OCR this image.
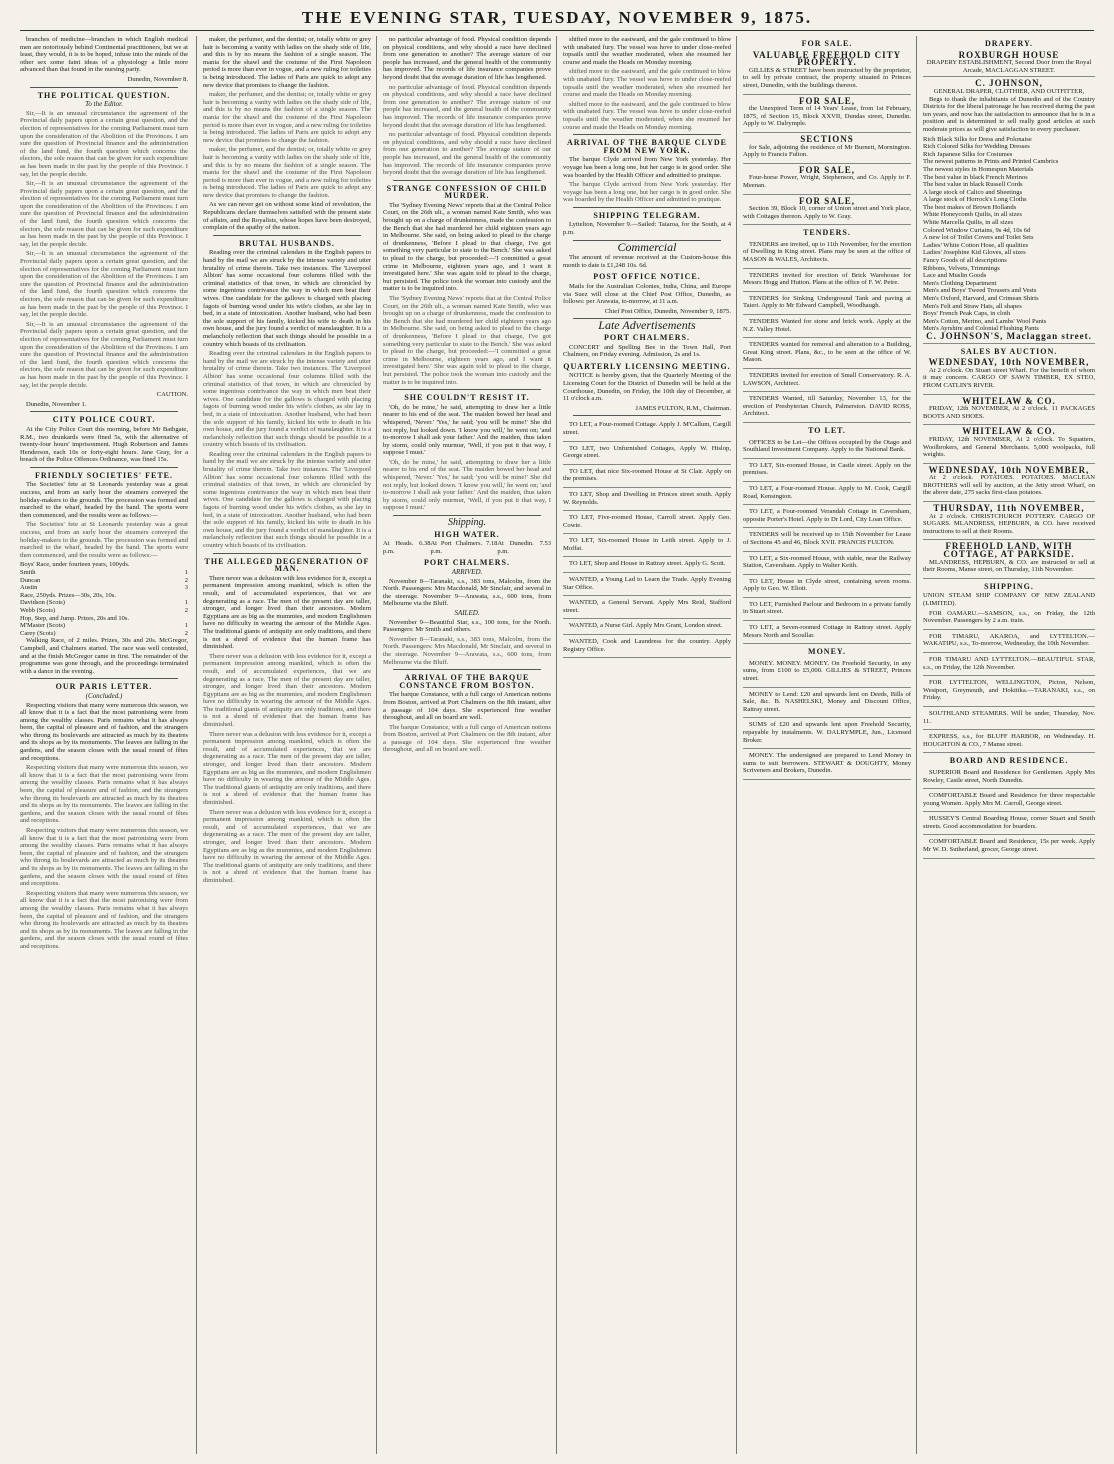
THE EVENING STAR, TUESDAY, NOVEMBER 9, 1875.

branches of medicine—branches in which English medical men are notoriously behind Continental practitioners, but we at least, they would, it is to be hoped, infuse into the minds of the other sex some faint ideas of a physiology a little more advanced than that found in the nursing party.

Dunedin, November 8.

THE POLITICAL QUESTION.
To the Editor.

Sir,—It is an unusual circumstance the agreement of the Provincial daily papers upon a certain great question, and the election of representatives for the coming Parliament must turn upon the consideration of the Abolition of the Provinces. I am sure the question of Provincial finance and the administration of the land fund, the fourth question which concerns the electors, the sole reason that can be given for such expenditure as has been made in the past by the people of this Province. I say, let the people decide.

Sir,—It is an unusual circumstance the agreement of the Provincial daily papers upon a certain great question, and the election of representatives for the coming Parliament must turn upon the consideration of the Abolition of the Provinces. I am sure the question of Provincial finance and the administration of the land fund, the fourth question which concerns the electors, the sole reason that can be given for such expenditure as has been made in the past by the people of this Province. I say, let the people decide.

Sir,—It is an unusual circumstance the agreement of the Provincial daily papers upon a certain great question, and the election of representatives for the coming Parliament must turn upon the consideration of the Abolition of the Provinces. I am sure the question of Provincial finance and the administration of the land fund, the fourth question which concerns the electors, the sole reason that can be given for such expenditure as has been made in the past by the people of this Province. I say, let the people decide.

Sir,—It is an unusual circumstance the agreement of the Provincial daily papers upon a certain great question, and the election of representatives for the coming Parliament must turn upon the consideration of the Abolition of the Provinces. I am sure the question of Provincial finance and the administration of the land fund, the fourth question which concerns the electors, the sole reason that can be given for such expenditure as has been made in the past by the people of this Province. I say, let the people decide.

CAUTION.

Dunedin, November 1.

CITY POLICE COURT.

At the City Police Court this morning, before Mr Bathgate, R.M., two drunkards were fined 5s, with the alternative of twenty-four hours' imprisonment. Hugh Robertson and James Henderson, each 10s or forty-eight hours. Jane Gray, for a breach of the Police Offences Ordinance, was fined 15s.

FRIENDLY SOCIETIES' FETE.

The Societies' fete at St Leonards yesterday was a great success, and from an early hour the steamers conveyed the holiday-makers to the grounds. The procession was formed and marched to the wharf, headed by the band. The sports were then commenced, and the results were as follows:—

The Societies' fete at St Leonards yesterday was a great success, and from an early hour the steamers conveyed the holiday-makers to the grounds. The procession was formed and marched to the wharf, headed by the band. The sports were then commenced, and the results were as follows:—

Boys' Race, under fourteen years, 100yds.	
Smith	1
Duncan	2
Austin	3
Race, 250yds. Prizes—30s, 20s, 10s.	
Davidson (Scots)	1
Webb (Scots)	2
Hop, Step, and Jump. Prizes, 20s and 10s.	
M'Master (Scots)	1
Carey (Scots)	2

Walking Race, of 2 miles. Prizes, 30s and 20s. McGregor, Campbell, and Chalmers started. The race was well contested, and at the finish McGregor came in first. The remainder of the programme was gone through, and the proceedings terminated with a dance in the evening.

OUR PARIS LETTER.
(Concluded.)

Respecting visitors that many were numerous this season, we all know that it is a fact that the most patronising were from among the wealthy classes. Paris remains what it has always been, the capital of pleasure and of fashion, and the strangers who throng its boulevards are attracted as much by its theatres and its shops as by its monuments. The leaves are falling in the gardens, and the season closes with the usual round of fêtes and receptions.

Respecting visitors that many were numerous this season, we all know that it is a fact that the most patronising were from among the wealthy classes. Paris remains what it has always been, the capital of pleasure and of fashion, and the strangers who throng its boulevards are attracted as much by its theatres and its shops as by its monuments. The leaves are falling in the gardens, and the season closes with the usual round of fêtes and receptions.

Respecting visitors that many were numerous this season, we all know that it is a fact that the most patronising were from among the wealthy classes. Paris remains what it has always been, the capital of pleasure and of fashion, and the strangers who throng its boulevards are attracted as much by its theatres and its shops as by its monuments. The leaves are falling in the gardens, and the season closes with the usual round of fêtes and receptions.

Respecting visitors that many were numerous this season, we all know that it is a fact that the most patronising were from among the wealthy classes. Paris remains what it has always been, the capital of pleasure and of fashion, and the strangers who throng its boulevards are attracted as much by its theatres and its shops as by its monuments. The leaves are falling in the gardens, and the season closes with the usual round of fêtes and receptions.

maker, the perfumer, and the dentist; or, totally white or grey hair is becoming a vanity with ladies on the shady side of life, and this is by no means the fashion of a single season. The mania for the shawl and the costume of the First Napoleon period is more than ever in vogue, and a new ruling for toilettes is being introduced. The ladies of Paris are quick to adopt any new device that promises to change the fashion.

maker, the perfumer, and the dentist; or, totally white or grey hair is becoming a vanity with ladies on the shady side of life, and this is by no means the fashion of a single season. The mania for the shawl and the costume of the First Napoleon period is more than ever in vogue, and a new ruling for toilettes is being introduced. The ladies of Paris are quick to adopt any new device that promises to change the fashion.

maker, the perfumer, and the dentist; or, totally white or grey hair is becoming a vanity with ladies on the shady side of life, and this is by no means the fashion of a single season. The mania for the shawl and the costume of the First Napoleon period is more than ever in vogue, and a new ruling for toilettes is being introduced. The ladies of Paris are quick to adopt any new device that promises to change the fashion.

As we can never get on without some kind of revolution, the Republicans declare themselves satisfied with the present state of affairs, and the Royalists, whose hopes have been destroyed, complain of the apathy of the nation.

BRUTAL HUSBANDS.

Reading over the criminal calendars in the English papers to hand by the mail we are struck by the intense variety and utter brutality of crime therein. Take two instances. The 'Liverpool Albion' has some occasional four columns filled with the criminal statistics of that town, in which are chronicled by some ingenious contrivance the way in which men beat their wives. One candidate for the gallows is charged with placing fagots of burning wood under his wife's clothes, as she lay in bed, in a state of intoxication. Another husband, who had been the sole support of his family, kicked his wife to death in his own house, and the jury found a verdict of manslaughter. It is a melancholy reflection that such things should be possible in a country which boasts of its civilisation.

Reading over the criminal calendars in the English papers to hand by the mail we are struck by the intense variety and utter brutality of crime therein. Take two instances. The 'Liverpool Albion' has some occasional four columns filled with the criminal statistics of that town, in which are chronicled by some ingenious contrivance the way in which men beat their wives. One candidate for the gallows is charged with placing fagots of burning wood under his wife's clothes, as she lay in bed, in a state of intoxication. Another husband, who had been the sole support of his family, kicked his wife to death in his own house, and the jury found a verdict of manslaughter. It is a melancholy reflection that such things should be possible in a country which boasts of its civilisation.

Reading over the criminal calendars in the English papers to hand by the mail we are struck by the intense variety and utter brutality of crime therein. Take two instances. The 'Liverpool Albion' has some occasional four columns filled with the criminal statistics of that town, in which are chronicled by some ingenious contrivance the way in which men beat their wives. One candidate for the gallows is charged with placing fagots of burning wood under his wife's clothes, as she lay in bed, in a state of intoxication. Another husband, who had been the sole support of his family, kicked his wife to death in his own house, and the jury found a verdict of manslaughter. It is a melancholy reflection that such things should be possible in a country which boasts of its civilisation.

THE ALLEGED DEGENERATION OF MAN.

There never was a delusion with less evidence for it, except a permanent impression among mankind, which is often the result, and of accumulated experiences, that we are degenerating as a race. The men of the present day are taller, stronger, and longer lived than their ancestors. Modern Egyptians are as big as the mummies, and modern Englishmen have no difficulty in wearing the armour of the Middle Ages. The traditional giants of antiquity are only traditions, and there is not a shred of evidence that the human frame has diminished.

There never was a delusion with less evidence for it, except a permanent impression among mankind, which is often the result, and of accumulated experiences, that we are degenerating as a race. The men of the present day are taller, stronger, and longer lived than their ancestors. Modern Egyptians are as big as the mummies, and modern Englishmen have no difficulty in wearing the armour of the Middle Ages. The traditional giants of antiquity are only traditions, and there is not a shred of evidence that the human frame has diminished.

There never was a delusion with less evidence for it, except a permanent impression among mankind, which is often the result, and of accumulated experiences, that we are degenerating as a race. The men of the present day are taller, stronger, and longer lived than their ancestors. Modern Egyptians are as big as the mummies, and modern Englishmen have no difficulty in wearing the armour of the Middle Ages. The traditional giants of antiquity are only traditions, and there is not a shred of evidence that the human frame has diminished.

There never was a delusion with less evidence for it, except a permanent impression among mankind, which is often the result, and of accumulated experiences, that we are degenerating as a race. The men of the present day are taller, stronger, and longer lived than their ancestors. Modern Egyptians are as big as the mummies, and modern Englishmen have no difficulty in wearing the armour of the Middle Ages. The traditional giants of antiquity are only traditions, and there is not a shred of evidence that the human frame has diminished.

no particular advantage of food. Physical condition depends on physical conditions, and why should a race have declined from one generation to another? The average stature of our people has increased, and the general health of the community has improved. The records of life insurance companies prove beyond doubt that the average duration of life has lengthened.

no particular advantage of food. Physical condition depends on physical conditions, and why should a race have declined from one generation to another? The average stature of our people has increased, and the general health of the community has improved. The records of life insurance companies prove beyond doubt that the average duration of life has lengthened.

no particular advantage of food. Physical condition depends on physical conditions, and why should a race have declined from one generation to another? The average stature of our people has increased, and the general health of the community has improved. The records of life insurance companies prove beyond doubt that the average duration of life has lengthened.

STRANGE CONFESSION OF CHILD MURDER.

The 'Sydney Evening News' reports that at the Central Police Court, on the 26th ult., a woman named Kate Smith, who was brought up on a charge of drunkenness, made the confession to the Bench that she had murdered her child eighteen years ago in Melbourne. She said, on being asked to plead to the charge of drunkenness, 'Before I plead to that charge, I've got something very particular to state to the Bench.' She was asked to plead to the charge, but proceeded:—'I committed a great crime in Melbourne, eighteen years ago, and I want it investigated here.' She was again told to plead to the charge, but persisted. The police took the woman into custody and the matter is to be inquired into.

The 'Sydney Evening News' reports that at the Central Police Court, on the 26th ult., a woman named Kate Smith, who was brought up on a charge of drunkenness, made the confession to the Bench that she had murdered her child eighteen years ago in Melbourne. She said, on being asked to plead to the charge of drunkenness, 'Before I plead to that charge, I've got something very particular to state to the Bench.' She was asked to plead to the charge, but proceeded:—'I committed a great crime in Melbourne, eighteen years ago, and I want it investigated here.' She was again told to plead to the charge, but persisted. The police took the woman into custody and the matter is to be inquired into.

SHE COULDN'T RESIST IT.

'Oh, do be mine,' he said, attempting to draw her a little nearer to his end of the seat. The maiden bowed her head and whispered, 'Never.' 'Yes,' he said; 'you will be mine!' She did not reply, but looked down. 'I know you will,' he went on; 'and to-morrow I shall ask your father.' And the maiden, thus taken by storm, could only murmur, 'Well, if you put it that way, I suppose I must.'

'Oh, do be mine,' he said, attempting to draw her a little nearer to his end of the seat. The maiden bowed her head and whispered, 'Never.' 'Yes,' he said; 'you will be mine!' She did not reply, but looked down. 'I know you will,' he went on; 'and to-morrow I shall ask your father.' And the maiden, thus taken by storm, could only murmur, 'Well, if you put it that way, I suppose I must.'

Shipping.
HIGH WATER.
At Heads. 6.38 p.m.	At Port Chalmers. 7.18 p.m.	At Dunedin. 7.53 p.m.
PORT CHALMERS.
ARRIVED.

November 8—Taranaki, s.s., 383 tons, Malcolm, from the North. Passengers: Mrs Macdonald, Mr Sinclair, and several in the steerage. November 9—Arawata, s.s., 600 tons, from Melbourne via the Bluff.

SAILED.

November 9—Beautiful Star, s.s., 100 tons, for the North. Passengers: Mr Smith and others.

November 8—Taranaki, s.s., 383 tons, Malcolm, from the North. Passengers: Mrs Macdonald, Mr Sinclair, and several in the steerage. November 9—Arawata, s.s., 600 tons, from Melbourne via the Bluff.

ARRIVAL OF THE BARQUE CONSTANCE FROM BOSTON.

The barque Constance, with a full cargo of American notions from Boston, arrived at Port Chalmers on the 8th instant, after a passage of 104 days. She experienced fine weather throughout, and all on board are well.

The barque Constance, with a full cargo of American notions from Boston, arrived at Port Chalmers on the 8th instant, after a passage of 104 days. She experienced fine weather throughout, and all on board are well.

shifted more to the eastward, and the gale continued to blow with unabated fury. The vessel was hove to under close-reefed topsails until the weather moderated, when she resumed her course and made the Heads on Monday morning.

shifted more to the eastward, and the gale continued to blow with unabated fury. The vessel was hove to under close-reefed topsails until the weather moderated, when she resumed her course and made the Heads on Monday morning.

shifted more to the eastward, and the gale continued to blow with unabated fury. The vessel was hove to under close-reefed topsails until the weather moderated, when she resumed her course and made the Heads on Monday morning.

ARRIVAL OF THE BARQUE CLYDE FROM NEW YORK.

The barque Clyde arrived from New York yesterday. Her voyage has been a long one, but her cargo is in good order. She was boarded by the Health Officer and admitted to pratique.

The barque Clyde arrived from New York yesterday. Her voyage has been a long one, but her cargo is in good order. She was boarded by the Health Officer and admitted to pratique.

SHIPPING TELEGRAM.

Lyttelton, November 9.—Sailed: Taiaroa, for the South, at 4 p.m.

Commercial

The amount of revenue received at the Custom-house this month to date is £1,248 10s. 6d.

POST OFFICE NOTICE.

Mails for the Australian Colonies, India, China, and Europe via Suez will close at the Chief Post Office, Dunedin, as follows: per Arawata, to-morrow, at 11 a.m.

Chief Post Office, Dunedin, November 9, 1875.

Late Advertisements
PORT CHALMERS.

CONCERT and Spelling Bee in the Town Hall, Port Chalmers, on Friday evening. Admission, 2s and 1s.

QUARTERLY LICENSING MEETING.

NOTICE is hereby given, that the Quarterly Meeting of the Licensing Court for the District of Dunedin will be held at the Courthouse, Dunedin, on Friday, the 10th day of December, at 11 o'clock a.m.

JAMES FULTON, R.M., Chairman.

TO LET, a Four-roomed Cottage. Apply J. M'Callum, Cargill street.

TO LET, two Unfurnished Cottages, Apply W. Hislop, George street.

TO LET, that nice Six-roomed House at St Clair. Apply on the premises.

TO LET, Shop and Dwelling in Princes street south. Apply W. Reynolds.

TO LET, Five-roomed House, Carroll street. Apply Geo. Cowie.

TO LET, Six-roomed House in Leith street. Apply to J. Moffat.

TO LET, Shop and House in Rattray street. Apply G. Scott.

WANTED, a Young Lad to Learn the Trade. Apply Evening Star Office.

WANTED, a General Servant. Apply Mrs Reid, Stafford street.

WANTED, a Nurse Girl. Apply Mrs Grant, London street.

WANTED, Cook and Laundress for the country. Apply Registry Office.

FOR SALE.
VALUABLE FREEHOLD CITY PROPERTY.

GILLIES & STREET have been instructed by the proprietor, to sell by private contract, the property situated in Princes street, Dunedin, with the buildings thereon.

FOR SALE,

the Unexpired Term of 14 Years' Lease, from 1st February, 1875, of Section 15, Block XXVII, Dundas street, Dunedin. Apply to W. Dalrymple.

SECTIONS

for Sale, adjoining the residence of Mr Burnett, Mornington. Apply to Francis Fulton.

FOR SALE,

Four-horse Power, Wright, Stephenson, and Co. Apply to F. Meenan.

FOR SALE,

Section 39, Block 10, corner of Union street and York place, with Cottages thereon. Apply to W. Gray.

TENDERS.

TENDERS are invited, up to 11th November, for the erection of Dwelling in King street. Plans may be seen at the office of MASON & WALES, Architects.

TENDERS invited for erection of Brick Warehouse for Messrs Hogg and Hutton. Plans at the office of F. W. Petre.

TENDERS for Sinking Underground Tank and paving at Taieri. Apply to Mr Edward Campbell, Woodhaugh.

TENDERS Wanted for stone and brick work. Apply at the N.Z. Valley Hotel.

TENDERS wanted for removal and alteration to a Building, Great King street. Plans, &c., to be seen at the office of W. Mason.

TENDERS invited for erection of Small Conservatory. R. A. LAWSON, Architect.

TENDERS Wanted, till Saturday, November 13, for the erection of Presbyterian Church, Palmerston. DAVID ROSS, Architect.

TO LET.

OFFICES to be Let—the Offices occupied by the Otago and Southland Investment Company. Apply to the National Bank.

TO LET, Six-roomed House, in Castle street. Apply on the premises.

TO LET, a Four-roomed House. Apply to M. Cook, Cargill Road, Kensington.

TO LET, a Four-roomed Verandah Cottage in Caversham, opposite Porter's Hotel. Apply to Dr Lord, City Loan Office.

TENDERS will be received up to 15th November for Lease of Sections 45 and 46, Block XVII. FRANCIS FULTON.

TO LET, a Six-roomed House, with stable, near the Railway Station, Caversham. Apply to Walter Keith.

TO LET, House in Clyde street, containing seven rooms. Apply to Geo. W. Eliott.

TO LET, Furnished Parlour and Bedroom in a private family in Stuart street.

TO LET, a Seven-roomed Cottage in Rattray street. Apply Messrs North and Scoullar.

MONEY.

MONEY. MONEY. MONEY. On Freehold Security, in any sums, from £100 to £5,000. GILLIES & STREET, Princes street.

MONEY to Lend: £20 and upwards lent on Deeds, Bills of Sale, &c. B. NASHELSKI, Money and Discount Office, Rattray street.

SUMS of £20 and upwards lent upon Freehold Security, repayable by instalments. W. DALRYMPLE, Jun., Licensed Broker.

MONEY. The undersigned are prepared to Lend Money in sums to suit borrowers. STEWART & DOUGHTY, Money Scriveners and Brokers, Dunedin.

DRAPERY.
ROXBURGH HOUSE
DRAPERY ESTABLISHMENT, Second Door from the Royal Arcade, MACLAGGAN STREET.
C. JOHNSON,
GENERAL DRAPER, CLOTHIER, AND OUTFITTER,

Begs to thank the inhabitants of Dunedin and of the Country Districts for the liberal patronage he has received during the past ten years, and now has the satisfaction to announce that he is in a position and is determined to sell really good articles at such moderate prices as will give satisfaction to every purchaser.

Rich Black Silks for Dress and Polonaise
Rich Colored Silks for Wedding Dresses
Rich Japanese Silks for Costumes
The newest patterns in Prints and Printed Cambrics
The newest styles in Homespun Materials
The best value in black French Merinos
The best value in black Russell Cords
A large stock of Calico and Sheetings
A large stock of Horrock's Long Cloths
The best makes of Brown Hollands
White Honeycomb Quilts, in all sizes
White Marcella Quilts, in all sizes
Colored Window Curtains, 9s 4d, 10s 6d
A new lot of Toilet Covers and Toilet Sets
Ladies' White Cotton Hose, all qualities
Ladies' Josephine Kid Gloves, all sizes
Fancy Goods of all descriptions
Ribbons, Velvets, Trimmings
Lace and Muslin Goods
Men's Clothing Department
Men's and Boys' Tweed Trousers and Vests
Men's Oxford, Harvard, and Crimean Shirts
Men's Felt and Straw Hats, all shapes
Boys' French Peak Caps, in cloth
Men's Cotton, Merino, and Lambs' Wool Pants
Men's Ayrshire and Colonial Flushing Pants
C. JOHNSON'S, Maclaggan street.
SALES BY AUCTION.
WEDNESDAY, 10th NOVEMBER,

At 2 o'clock. On Stuart street Wharf. For the benefit of whom it may concern. CARGO OF SAWN TIMBER, EX STEO, FROM CATLIN'S RIVER.

WHITELAW & CO.

FRIDAY, 12th NOVEMBER, At 2 o'clock. 11 PACKAGES BOOTS AND SHOES.

WHITELAW & CO.

FRIDAY, 12th NOVEMBER, At 2 o'clock. To Squatters, Woolbrokers, and General Merchants. 5,000 woolpacks, full weights.

WEDNESDAY, 10th NOVEMBER,

At 2 o'clock. POTATOES. POTATOES. MACLEAN BROTHERS will sell by auction, at the Jetty street Wharf, on the above date, 275 sacks first-class potatoes.

THURSDAY, 11th NOVEMBER,

At 2 o'clock. CHRISTCHURCH POTTERY. CARGO OF SUGARS. MLANDRESS, HEPBURN, & CO. have received instructions to sell at their Rooms.

FREEHOLD LAND, WITH COTTAGE, AT PARKSIDE.

MLANDRESS, HEPBURN, & CO. are instructed to sell at their Rooms, Manse street, on Thursday, 11th November.

SHIPPING.
UNION STEAM SHIP COMPANY OF NEW ZEALAND (LIMITED).

FOR OAMARU.—SAMSON, s.s., on Friday, the 12th November. Passengers by 2 a.m. train.

FOR TIMARU, AKAROA, and LYTTELTON.—WAKATIPU, s.s., To-morrow, Wednesday, the 10th November.

FOR TIMARU AND LYTTELTON.—BEAUTIFUL STAR, s.s., on Friday, the 12th November.

FOR LYTTELTON, WELLINGTON, Picton, Nelson, Westport, Greymouth, and Hokitika.—TARANAKI, s.s., on Friday.

SOUTHLAND STEAMERS. Will be under, Thursday, Nov. 11.

EXPRESS, s.s., for BLUFF HARBOR, on Wednesday. H. HOUGHTON & CO., 7 Manse street.

BOARD AND RESIDENCE.

SUPERIOR Board and Residence for Gentlemen. Apply Mrs Rowley, Castle street, North Dunedin.

COMFORTABLE Board and Residence for three respectable young Women. Apply Mrs M. Carroll, George street.

HUSSEY'S Central Boarding House, corner Stuart and Smith streets. Good accommodation for boarders.

COMFORTABLE Board and Residence, 15s per week. Apply Mr W. D. Sutherland, grocer, George street.
